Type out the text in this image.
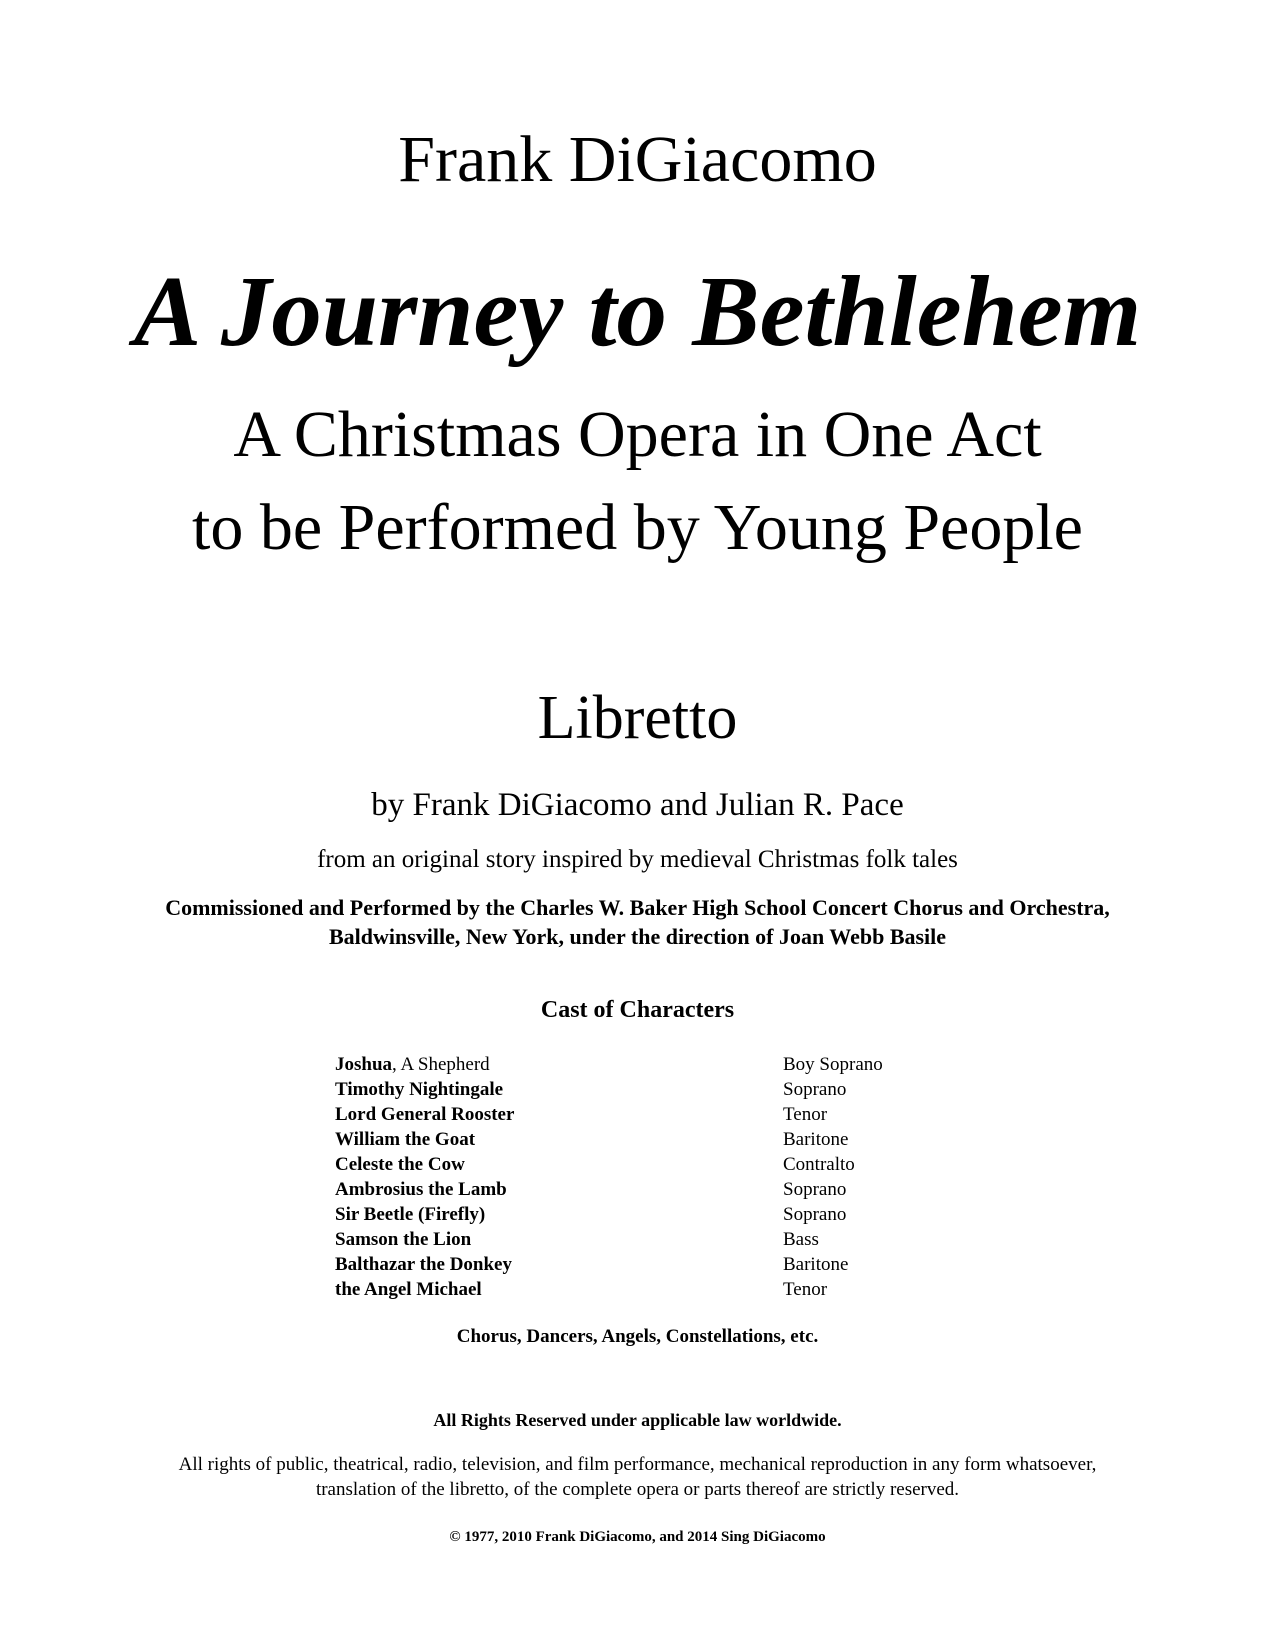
Frank DiGiacomo
A Journey to Bethlehem
A Christmas Opera in One Act
to be Performed by Young People
Libretto
by Frank DiGiacomo and Julian R. Pace
from an original story inspired by medieval Christmas folk tales
Commissioned and Performed by the Charles W. Baker High School Concert Chorus and Orchestra,
Baldwinsville, New York, under the direction of Joan Webb Basile
Cast of Characters
Joshua, A Shepherd	Boy Soprano
Timothy Nightingale	Soprano
Lord General Rooster	Tenor
William the Goat	Baritone
Celeste the Cow	Contralto
Ambrosius the Lamb	Soprano
Sir Beetle (Firefly)	Soprano
Samson the Lion	Bass
Balthazar the Donkey	Baritone
the Angel Michael	Tenor
Chorus, Dancers, Angels, Constellations, etc.
All Rights Reserved under applicable law worldwide.
All rights of public, theatrical, radio, television, and film performance, mechanical reproduction in any form whatsoever,
translation of the libretto, of the complete opera or parts thereof are strictly reserved.
© 1977, 2010 Frank DiGiacomo, and 2014 Sing DiGiacomo
